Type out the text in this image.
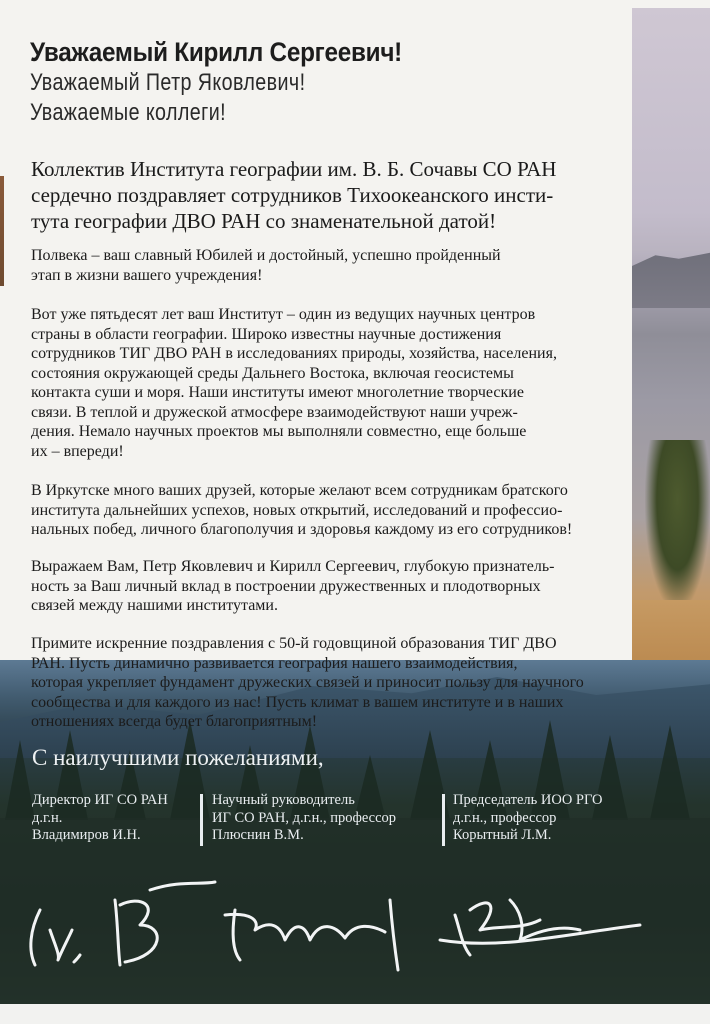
Уважаемый Кирилл Сергеевич!

Уважаемый Петр Яковлевич!

Уважаемые коллеги!

Коллектив Института географии им. В. Б. Сочавы СО РАН
сердечно поздравляет сотрудников Тихоокеанского инсти-
тута географии ДВО РАН со знаменательной датой!
Полвека – ваш славный Юбилей и достойный, успешно пройденный
этап в жизни вашего учреждения!
Вот уже пятьдесят лет ваш Институт – один из ведущих научных центров
страны в области географии. Широко известны научные достижения
сотрудников ТИГ ДВО РАН в исследованиях природы, хозяйства, населения,
состояния окружающей среды Дальнего Востока, включая геосистемы
контакта суши и моря. Наши институты имеют многолетние творческие
связи. В теплой и дружеской атмосфере взаимодействуют наши учреж-
дения. Немало научных проектов мы выполняли совместно, еще больше
их – впереди!
В Иркутске много ваших друзей, которые желают всем сотрудникам братского
института дальнейших успехов, новых открытий, исследований и профессио-
нальных побед, личного благополучия и здоровья каждому из его сотрудников!
Выражаем Вам, Петр Яковлевич и Кирилл Сергеевич, глубокую признатель-
ность за Ваш личный вклад в построении дружественных и плодотворных
связей между нашими институтами.
Примите искренние поздравления с 50-й годовщиной образования ТИГ ДВО
РАН. Пусть динамично развивается география нашего взаимодействия,
которая укрепляет фундамент дружеских связей и приносит пользу для научного
сообщества и для каждого из нас! Пусть климат в вашем институте и в наших
отношениях всегда будет благоприятным!
С наилучшими пожеланиями,
Директор ИГ СО РАН
д.г.н.
Владимиров И.Н.
Научный руководитель
ИГ СО РАН, д.г.н., профессор
Плюснин В.М.
Председатель ИОО РГО
д.г.н., профессор
Корытный Л.М.
